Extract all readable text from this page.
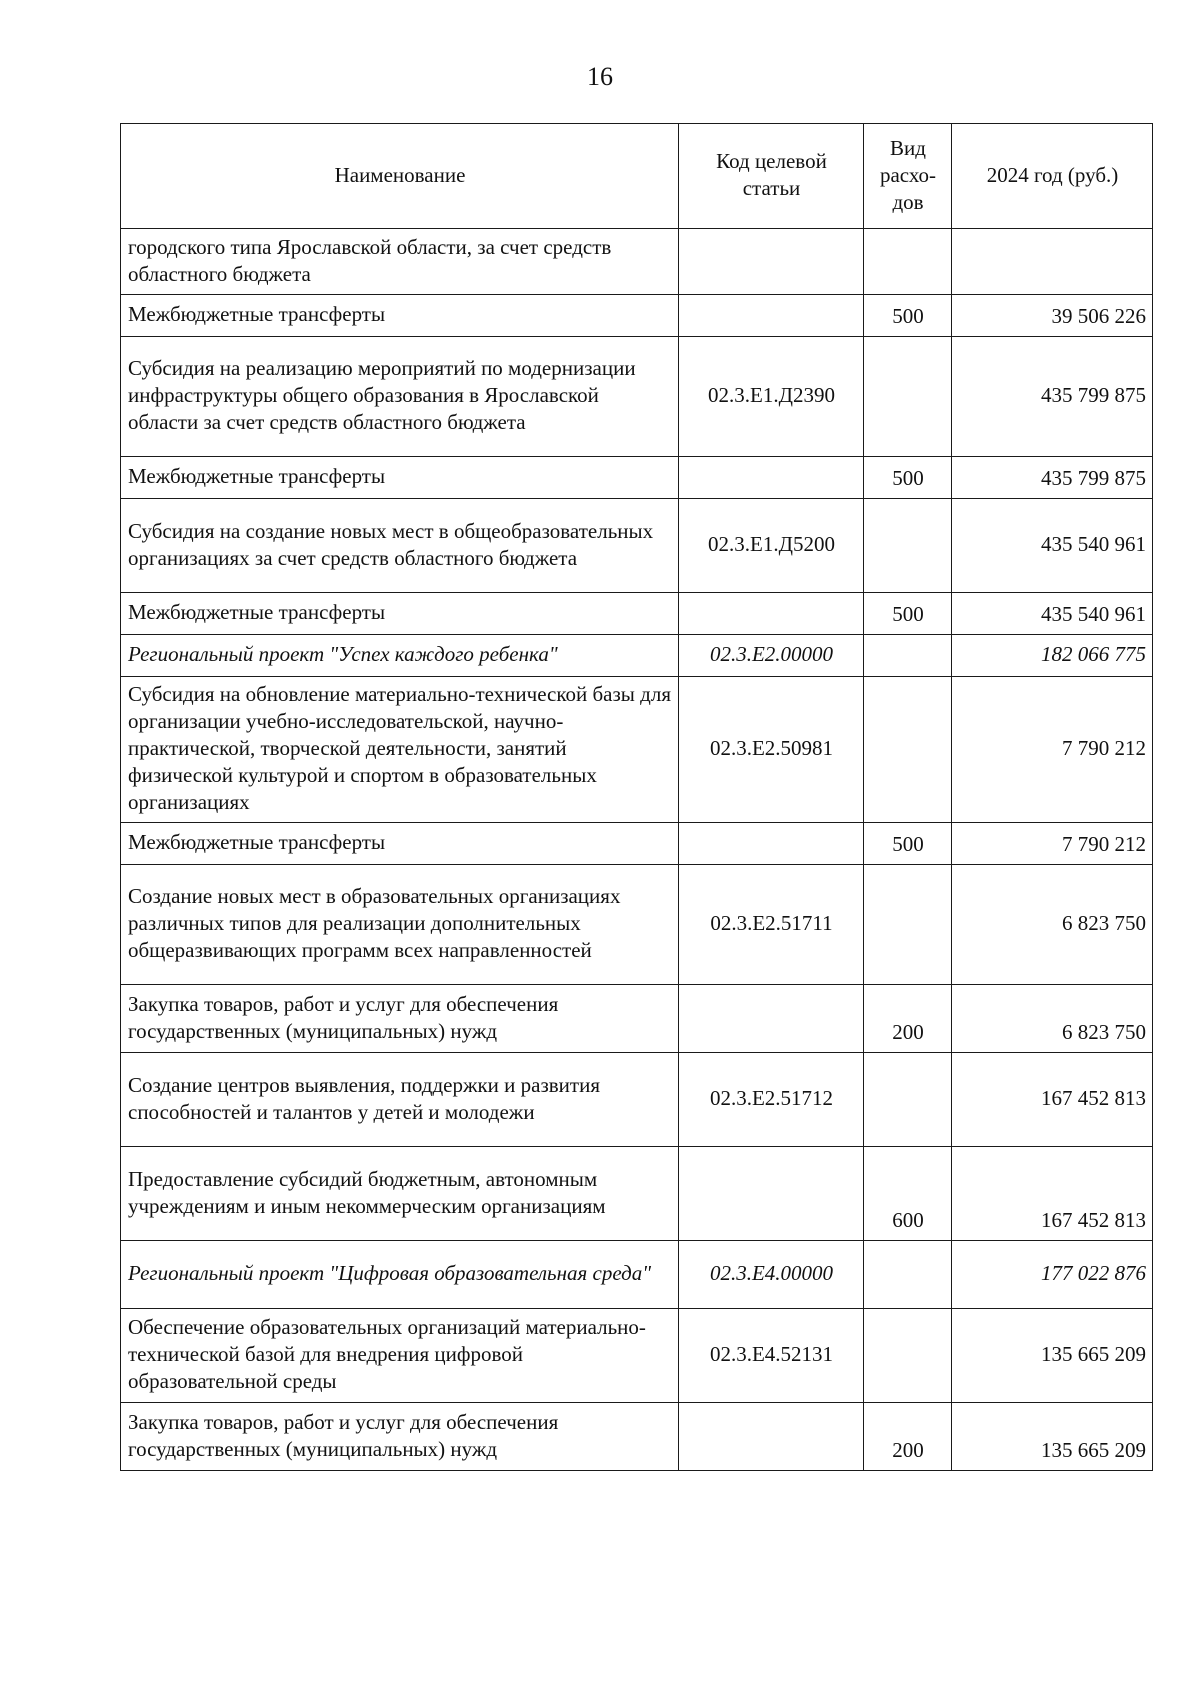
16
Наименование	Код целевой статьи	Вид расхо-дов	2024 год (руб.)
городского типа Ярославской области, за счет средств областного бюджета			
Межбюджетные трансферты		500	39 506 226
Субсидия на реализацию мероприятий по модернизации инфраструктуры общего образования в Ярославской области за счет средств областного бюджета	02.3.E1.Д2390		435 799 875
Межбюджетные трансферты		500	435 799 875
Субсидия на создание новых мест в общеобразовательных организациях за счет средств областного бюджета	02.3.E1.Д5200		435 540 961
Межбюджетные трансферты		500	435 540 961
Региональный проект "Успех каждого ребенка"	02.3.E2.00000		182 066 775
Субсидия на обновление материально-технической базы для организации учебно-исследовательской, научно-практической, творческой деятельности, занятий физической культурой и спортом в образовательных организациях	02.3.E2.50981		7 790 212
Межбюджетные трансферты		500	7 790 212
Создание новых мест в образовательных организациях различных типов для реализации дополнительных общеразвивающих программ всех направленностей	02.3.E2.51711		6 823 750
Закупка товаров, работ и услуг для обеспечения государственных (муниципальных) нужд		200	6 823 750
Создание центров выявления, поддержки и развития способностей и талантов у детей и молодежи	02.3.E2.51712		167 452 813
Предоставление субсидий бюджетным, автономным учреждениям и иным некоммерческим организациям		600	167 452 813
Региональный проект "Цифровая образовательная среда"	02.3.E4.00000		177 022 876
Обеспечение образовательных организаций материально-технической базой для внедрения цифровой образовательной среды	02.3.E4.52131		135 665 209
Закупка товаров, работ и услуг для обеспечения государственных (муниципальных) нужд		200	135 665 209
